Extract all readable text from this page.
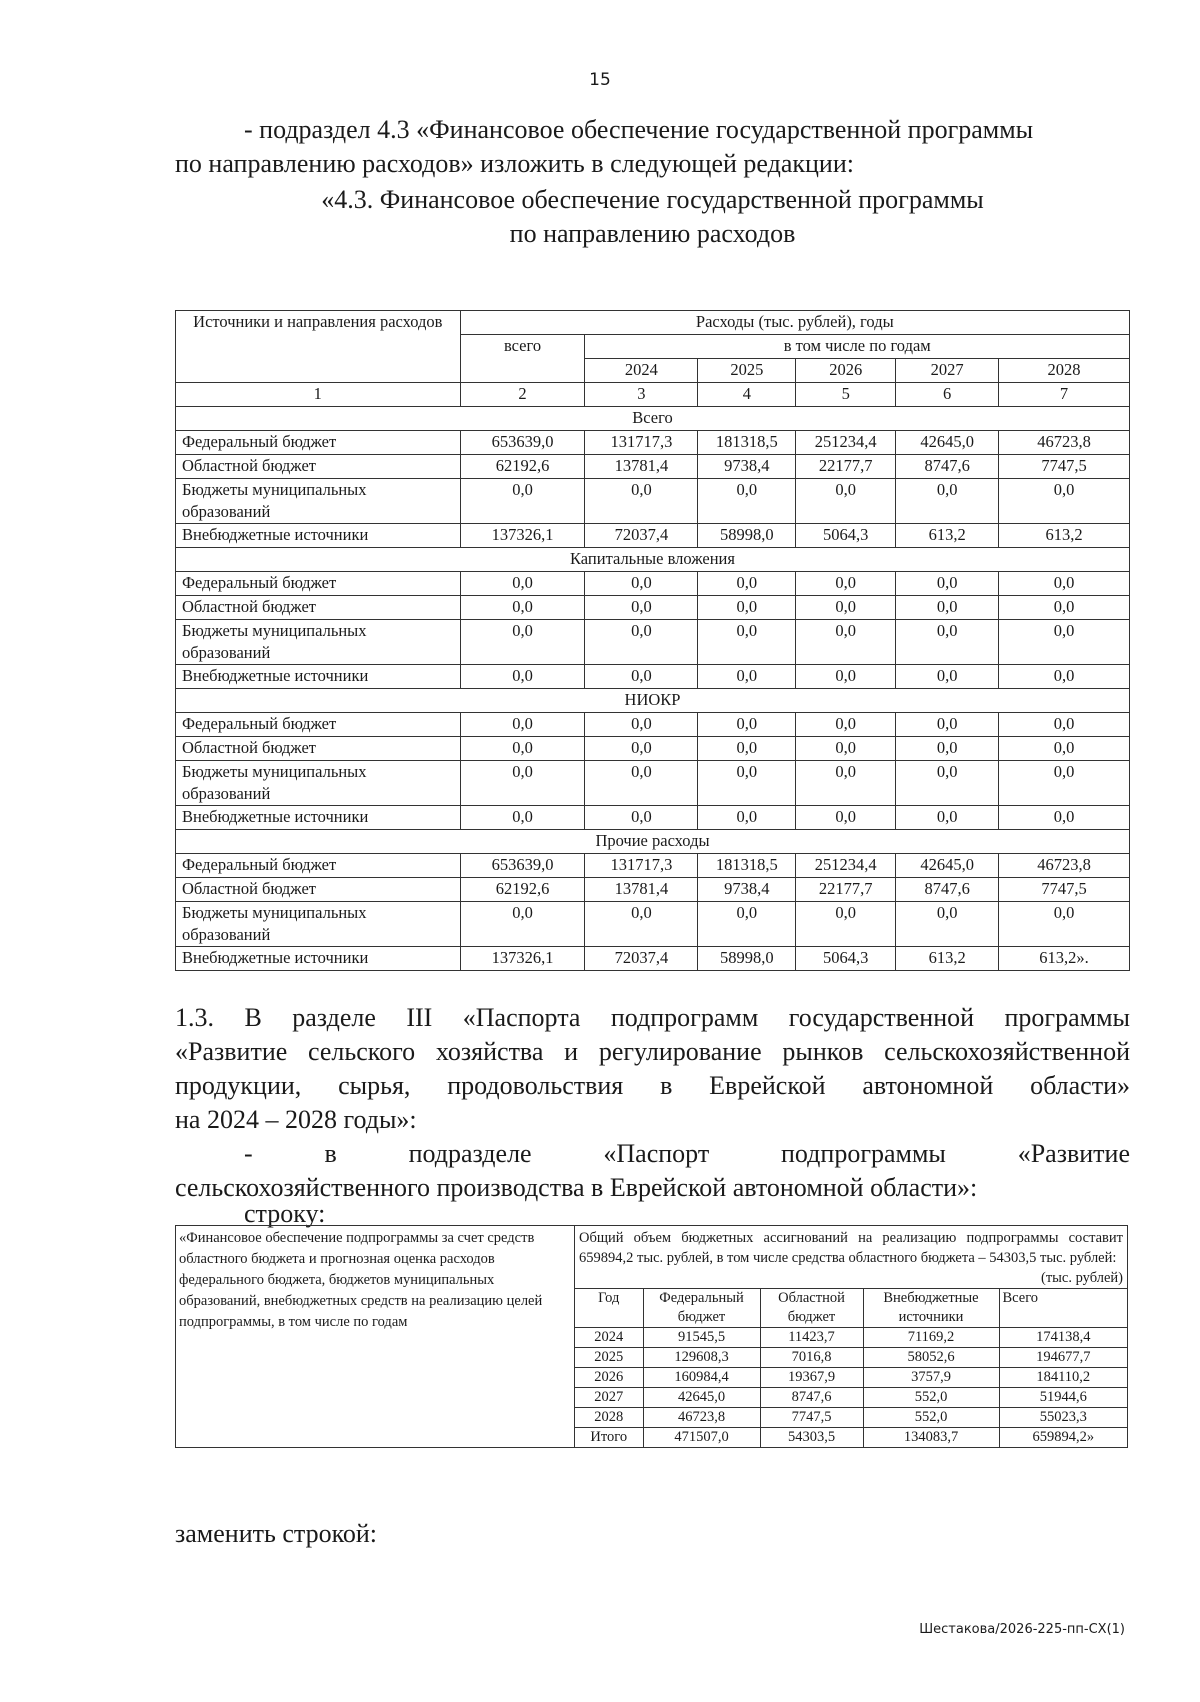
15
- подраздел 4.3 «Финансовое обеспечение государственной программы
по направлению расходов» изложить в следующей редакции:
«4.3. Финансовое обеспечение государственной программы
по направлению расходов
Источники и направления расходов	Расходы (тыс. рублей), годы					
	всего	в том числе по годам				
		2024	2025	2026	2027	2028
1	2	3	4	5	6	7
Всего						
Федеральный бюджет	653639,0	131717,3	181318,5	251234,4	42645,0	46723,8
Областной бюджет	62192,6	13781,4	9738,4	22177,7	8747,6	7747,5
Бюджеты муниципальных образований	0,0	0,0	0,0	0,0	0,0	0,0
Внебюджетные источники	137326,1	72037,4	58998,0	5064,3	613,2	613,2
Капитальные вложения						
Федеральный бюджет	0,0	0,0	0,0	0,0	0,0	0,0
Областной бюджет	0,0	0,0	0,0	0,0	0,0	0,0
Бюджеты муниципальных образований	0,0	0,0	0,0	0,0	0,0	0,0
Внебюджетные источники	0,0	0,0	0,0	0,0	0,0	0,0
НИОКР						
Федеральный бюджет	0,0	0,0	0,0	0,0	0,0	0,0
Областной бюджет	0,0	0,0	0,0	0,0	0,0	0,0
Бюджеты муниципальных образований	0,0	0,0	0,0	0,0	0,0	0,0
Внебюджетные источники	0,0	0,0	0,0	0,0	0,0	0,0
Прочие расходы						
Федеральный бюджет	653639,0	131717,3	181318,5	251234,4	42645,0	46723,8
Областной бюджет	62192,6	13781,4	9738,4	22177,7	8747,6	7747,5
Бюджеты муниципальных образований	0,0	0,0	0,0	0,0	0,0	0,0
Внебюджетные источники	137326,1	72037,4	58998,0	5064,3	613,2	613,2».
1.3. В разделе III «Паспорта подпрограмм государственной программы
«Развитие сельского хозяйства и регулирование рынков сельскохозяйственной
продукции, сырья, продовольствия в Еврейской автономной области»
на 2024 – 2028 годы»:
- в подразделе «Паспорт подпрограммы «Развитие
сельскохозяйственного производства в Еврейской автономной области»:
строку:
«Финансовое обеспечение подпрограммы за счет средств областного бюджета и прогнозная оценка расходов федерального бюджета, бюджетов муниципальных образований, внебюджетных средств на реализацию целей подпрограммы, в том числе по годам	
Общий объем бюджетных ассигнований на реализацию подпрограммы составит 659894,2 тыс. рублей, в том числе средства областного бюджета – 54303,5 тыс. рублей:
(тыс. рублей)
Год	Федеральный бюджет	Областной бюджет	Внебюджетные источники	Всего
2024	91545,5	11423,7	71169,2	174138,4
2025	129608,3	7016,8	58052,6	194677,7
2026	160984,4	19367,9	3757,9	184110,2
2027	42645,0	8747,6	552,0	51944,6
2028	46723,8	7747,5	552,0	55023,3
Итого	471507,0	54303,5	134083,7	659894,2»
заменить строкой:
Шестакова/2026-225-пп-СХ(1)
